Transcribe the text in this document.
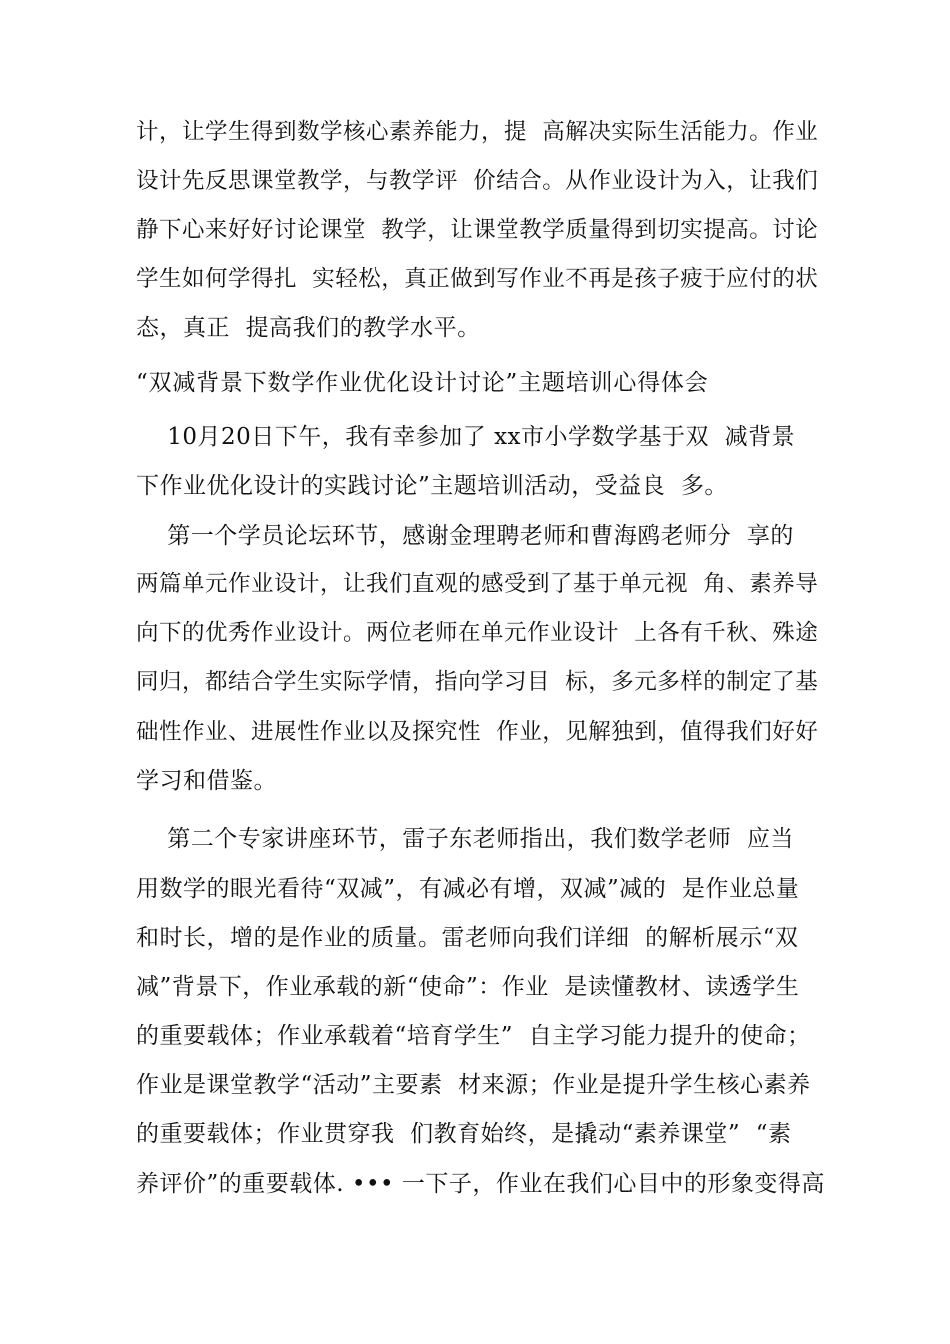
计，让学生得到数学核心素养能力，提  高解决实际生活能力。作业
设计先反思课堂教学，与教学评  价结合。从作业设计为入，让我们
静下心来好好讨论课堂  教学，让课堂教学质量得到切实提高。讨论
学生如何学得扎  实轻松，真正做到写作业不再是孩子疲于应付的状
态，真正  提高我们的教学水平。
“双减背景下数学作业优化设计讨论”主题培训心得体会
10月20日下午，我有幸参加了 xx市小学数学基于双  减背景
下作业优化设计的实践讨论”主题培训活动，受益良  多。
第一个学员论坛环节，感谢金理聘老师和曹海鸥老师分  享的
两篇单元作业设计，让我们直观的感受到了基于单元视  角、素养导
向下的优秀作业设计。两位老师在单元作业设计  上各有千秋、殊途
同归，都结合学生实际学情，指向学习目  标，多元多样的制定了基
础性作业、进展性作业以及探究性  作业，见解独到，值得我们好好
学习和借鉴。
第二个专家讲座环节，雷子东老师指出，我们数学老师  应当
用数学的眼光看待“双减”，有减必有增，双减”减的  是作业总量
和时长，增的是作业的质量。雷老师向我们详细  的解析展示“双
减”背景下，作业承载的新“使命”：作业  是读懂教材、读透学生
的重要载体；作业承载着“培育学生”  自主学习能力提升的使命；
作业是课堂教学“活动”主要素  材来源；作业是提升学生核心素养
的重要载体；作业贯穿我  们教育始终，是撬动“素养课堂”  “素
养评价”的重要载体. ••• 一下子，作业在我们心目中的形象变得高
